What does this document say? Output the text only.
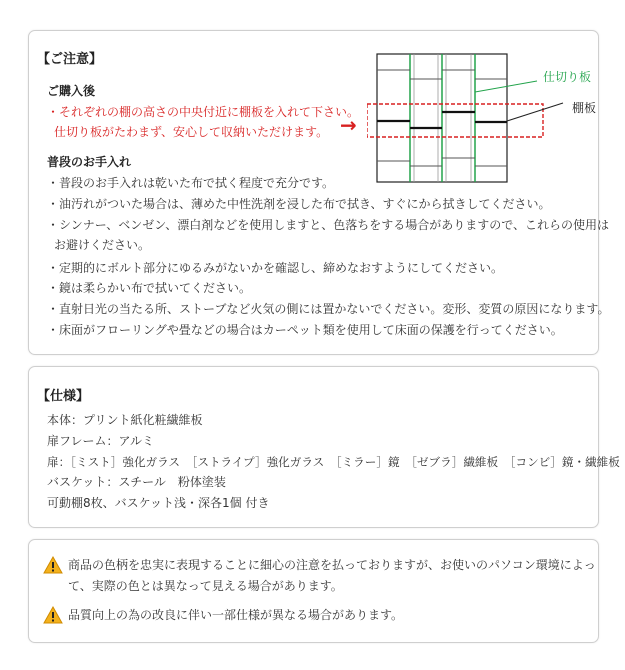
【ご注意】
ご購入後
・それぞれの棚の高さの中央付近に棚板を入れて下さい。
仕切り板がたわまず、安心して収納いただけます。
普段のお手入れ
・普段のお手入れは乾いた布で拭く程度で充分です。
・油汚れがついた場合は、薄めた中性洗剤を浸した布で拭き、すぐにから拭きしてください。
・シンナー、ベンゼン、漂白剤などを使用しますと、色落ちをする場合がありますので、これらの使用は
お避けください。
・定期的にボルト部分にゆるみがないかを確認し、締めなおすようにしてください。
・鏡は柔らかい布で拭いてください。
・直射日光の当たる所、ストーブなど火気の側には置かないでください。変形、変質の原因になります。
・床面がフローリングや畳などの場合はカーペット類を使用して床面の保護を行ってください。
仕切り板
棚板
→
【仕様】
本体：プリント紙化粧繊維板
扉フレーム：アルミ
扉：［ミスト］強化ガラス　［ストライプ］強化ガラス　［ミラー］鏡　［ゼブラ］繊維板　［コンビ］鏡・繊維板
バスケット：スチール　粉体塗装
可動棚8枚、バスケット浅・深各1個 付き
商品の色柄を忠実に表現することに細心の注意を払っておりますが、お使いのパソコン環境によっ
て、実際の色とは異なって見える場合があります。
品質向上の為の改良に伴い一部仕様が異なる場合があります。
